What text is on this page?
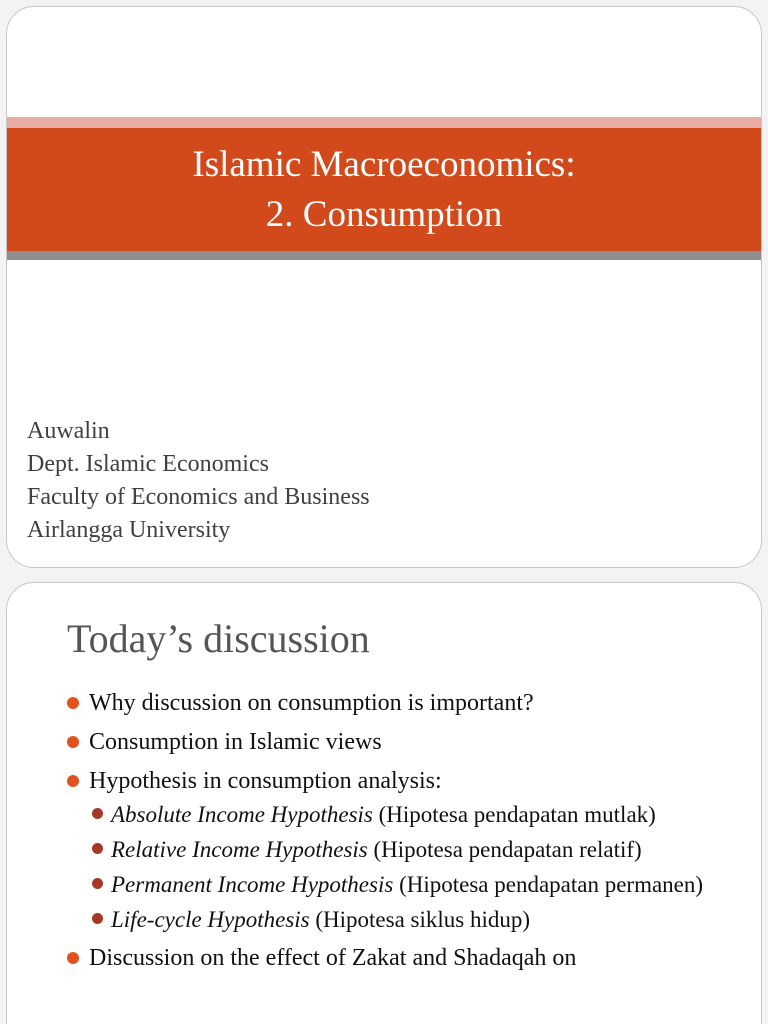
Islamic Macroeconomics:
2. Consumption
Auwalin
Dept. Islamic Economics
Faculty of Economics and Business
Airlangga University
Today’s discussion
Why discussion on consumption is important?
Consumption in Islamic views
Hypothesis in consumption analysis:
Absolute Income Hypothesis (Hipotesa pendapatan mutlak)
Relative Income Hypothesis (Hipotesa pendapatan relatif)
Permanent Income Hypothesis (Hipotesa pendapatan permanen)
Life-cycle Hypothesis (Hipotesa siklus hidup)
Discussion on the effect of Zakat and Shadaqah on
